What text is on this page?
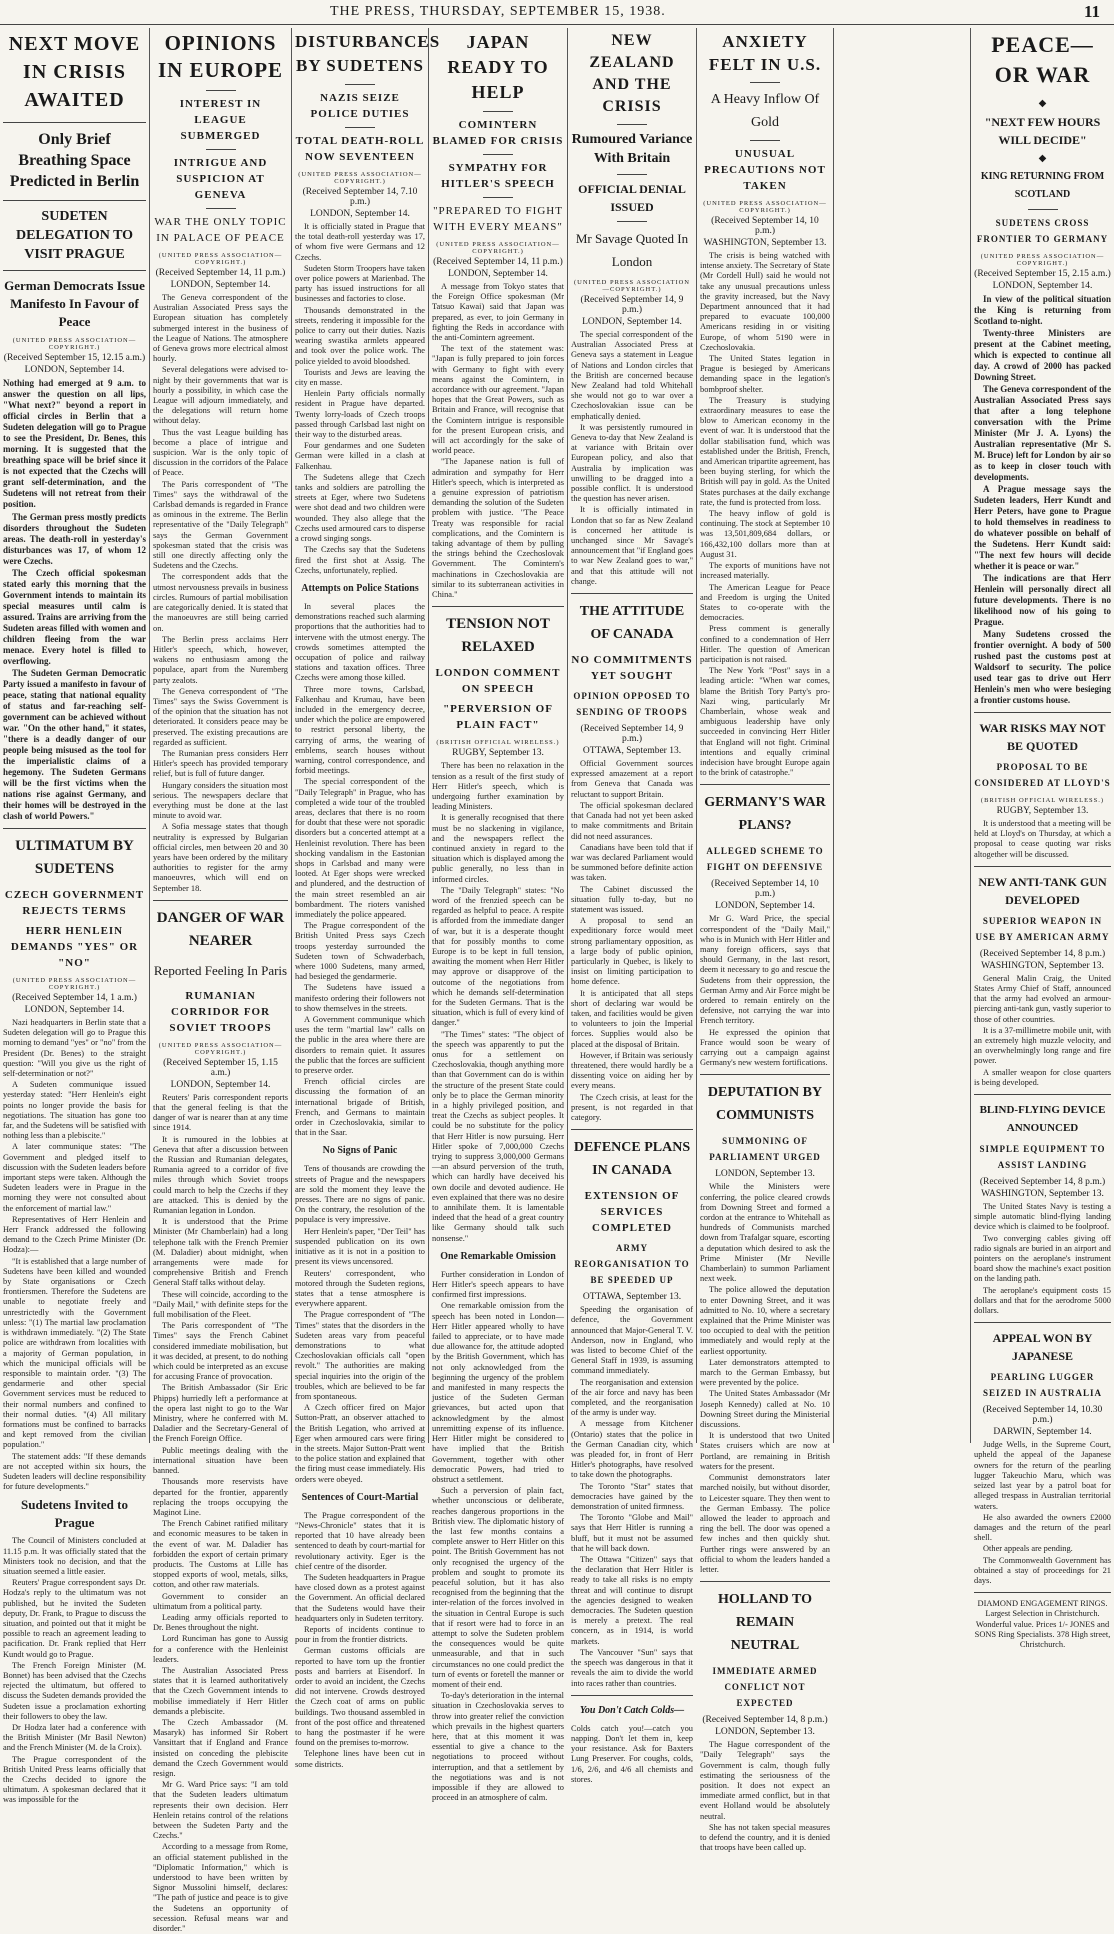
THE PRESS, THURSDAY, SEPTEMBER 15, 1938.	11
NEXT MOVE IN CRISIS AWAITED
Only Brief Breathing Space Predicted in Berlin
SUDETEN DELEGATION TO VISIT PRAGUE
German Democrats Issue Manifesto In Favour of Peace
(UNITED PRESS ASSOCIATION—COPYRIGHT.)
(Received September 15, 12.15 a.m.)
LONDON, September 14.
Nothing had emerged at 9 a.m. to answer the question on all lips, "What next?" beyond a report in official circles in Berlin that a Sudeten delegation will go to Prague to see the President, Dr. Benes, this morning. It is suggested that the breathing space will be brief since it is not expected that the Czechs will grant self-determination, and the Sudetens will not retreat from their position.

The German press mostly predicts disorders throughout the Sudeten areas. The death-roll in yesterday's disturbances was 17, of whom 12 were Czechs.

The Czech official spokesman stated early this morning that the Government intends to maintain its special measures until calm is assured. Trains are arriving from the Sudeten areas filled with women and children fleeing from the war menace. Every hotel is filled to overflowing.

The Sudeten German Democratic Party issued a manifesto in favour of peace, stating that national equality of status and far-reaching self-government can be achieved without war. "On the other hand," it states, "there is a deadly danger of our people being misused as the tool for the imperialistic claims of a hegemony. The Sudeten Germans will be the first victims when the nations rise against Germany, and their homes will be destroyed in the clash of world Powers."

ULTIMATUM BY SUDETENS
CZECH GOVERNMENT REJECTS TERMS
HERR HENLEIN DEMANDS "YES" OR "NO"
(UNITED PRESS ASSOCIATION—COPYRIGHT.)
(Received September 14, 1 a.m.)
LONDON, September 14.

Nazi headquarters in Berlin state that a Sudeten delegation will go to Prague this morning to demand "yes" or "no" from the President (Dr. Benes) to the straight question: "Will you give us the right of self-determination or not?"

A Sudeten communique issued yesterday stated: "Herr Henlein's eight points no longer provide the basis for negotiations. The situation has gone too far, and the Sudetens will be satisfied with nothing less than a plebiscite."

A later communique states: "The Government and pledged itself to discussion with the Sudeten leaders before important steps were taken. Although the Sudeten leaders were in Prague in the morning they were not consulted about the enforcement of martial law."

Representatives of Herr Henlein and Herr Franck addressed the following demand to the Czech Prime Minister (Dr. Hodza):—

"It is established that a large number of Sudetens have been killed and wounded by State organisations or Czech frontiersmen. Therefore the Sudetens are unable to negotiate freely and unrestrictedly with the Government unless: "(1) The martial law proclamation is withdrawn immediately. "(2) The State police are withdrawn from localities with a majority of German population, in which the municipal officials will be responsible to maintain order. "(3) The gendarmerie and other special Government services must be reduced to their normal numbers and confined to their normal duties. "(4) All military formations must be confined to barracks and kept removed from the civilian population."

The statement adds: "If these demands are not accepted within six hours, the Sudeten leaders will decline responsibility for future developments."

Sudetens Invited to Prague

The Council of Ministers concluded at 11.15 p.m. It was officially stated that the Ministers took no decision, and that the situation seemed a little easier.

Reuters' Prague correspondent says Dr. Hodza's reply to the ultimatum was not published, but he invited the Sudeten deputy, Dr. Frank, to Prague to discuss the situation, and pointed out that it might be possible to reach an agreement leading to pacification. Dr. Frank replied that Herr Kundt would go to Prague.

The French Foreign Minister (M. Bonnet) has been advised that the Czechs rejected the ultimatum, but offered to discuss the Sudeten demands provided the Sudeten issue a proclamation exhorting their followers to obey the law.

Dr Hodza later had a conference with the British Minister (Mr Basil Newton) and the French Minister (M. de la Croix).

The Prague correspondent of the British United Press learns officially that the Czechs decided to ignore the ultimatum. A spokesman declared that it was impossible for the

OPINIONS IN EUROPE
INTEREST IN LEAGUE SUBMERGED
INTRIGUE AND SUSPICION AT GENEVA
WAR THE ONLY TOPIC IN PALACE OF PEACE
(UNITED PRESS ASSOCIATION—COPYRIGHT.)
(Received September 14, 11 p.m.)
LONDON, September 14.

The Geneva correspondent of the Australian Associated Press says the European situation has completely submerged interest in the business of the League of Nations. The atmosphere of Geneva grows more electrical almost hourly.

Several delegations were advised to-night by their governments that war is hourly a possibility, in which case the League will adjourn immediately, and the delegations will return home without delay.

Thus the vast League building has become a place of intrigue and suspicion. War is the only topic of discussion in the corridors of the Palace of Peace.

The Paris correspondent of "The Times" says the withdrawal of the Carlsbad demands is regarded in France as ominous in the extreme. The Berlin representative of the "Daily Telegraph" says the German Government spokesman stated that the crisis was still one directly affecting only the Sudetens and the Czechs.

The correspondent adds that the utmost nervousness prevails in business circles. Rumours of partial mobilisation are categorically denied. It is stated that the manoeuvres are still being carried on.

The Berlin press acclaims Herr Hitler's speech, which, however, wakens no enthusiasm among the populace, apart from the Nuremberg party zealots.

The Geneva correspondent of "The Times" says the Swiss Government is of the opinion that the situation has not deteriorated. It considers peace may be preserved. The existing precautions are regarded as sufficient.

The Rumanian press considers Herr Hitler's speech has provided temporary relief, but is full of future danger.

Hungary considers the situation most serious. The newspapers declare that everything must be done at the last minute to avoid war.

A Sofia message states that though neutrality is expressed by Bulgarian official circles, men between 20 and 30 years have been ordered by the military authorities to register for the army manoeuvres, which will end on September 18.

DANGER OF WAR NEARER
Reported Feeling In Paris
RUMANIAN CORRIDOR FOR SOVIET TROOPS
(UNITED PRESS ASSOCIATION—COPYRIGHT.)
(Received September 15, 1.15 a.m.)
LONDON, September 14.

Reuters' Paris correspondent reports that the general feeling is that the danger of war is nearer than at any time since 1914.

It is rumoured in the lobbies at Geneva that after a discussion between the Russian and Rumanian delegates, Rumania agreed to a corridor of five miles through which Soviet troops could march to help the Czechs if they are attacked. This is denied by the Rumanian legation in London.

It is understood that the Prime Minister (Mr Chamberlain) had a long telephone talk with the French Premier (M. Daladier) about midnight, when arrangements were made for comprehensive British and French General Staff talks without delay.

These will coincide, according to the "Daily Mail," with definite steps for the full mobilisation of the Fleet.

The Paris correspondent of "The Times" says the French Cabinet considered immediate mobilisation, but it was decided, at present, to do nothing which could be interpreted as an excuse for accusing France of provocation.

The British Ambassador (Sir Eric Phipps) hurriedly left a performance at the opera last night to go to the War Ministry, where he conferred with M. Daladier and the Secretary-General of the French Foreign Office.

Public meetings dealing with the international situation have been banned.

Thousands more reservists have departed for the frontier, apparently replacing the troops occupying the Maginot Line.

The French Cabinet ratified military and economic measures to be taken in the event of war. M. Daladier has forbidden the export of certain primary products. The Customs at Lille has stopped exports of wool, metals, silks, cotton, and other raw materials.

Government to consider an ultimatum from a political party.

Leading army officials reported to Dr. Benes throughout the night.

Lord Runciman has gone to Aussig for a conference with the Henleinist leaders.

The Australian Associated Press states that it is learned authoritatively that the Czech Government intends to mobilise immediately if Herr Hitler demands a plebiscite.

The Czech Ambassador (M. Masaryk) has informed Sir Robert Vansittart that if England and France insisted on conceding the plebiscite demand the Czech Government would resign.

Mr G. Ward Price says: "I am told that the Sudeten leaders ultimatum represents their own decision. Herr Henlein retains control of the relations between the Sudeten Party and the Czechs."

According to a message from Rome, an official statement published in the "Diplomatic Information," which is understood to have been written by Signor Mussolini himself, declares: "The path of justice and peace is to give the Sudetens an opportunity of secession. Refusal means war and disorder."

DISTURBANCES BY SUDETENS
NAZIS SEIZE POLICE DUTIES
TOTAL DEATH-ROLL NOW SEVENTEEN
(UNITED PRESS ASSOCIATION—COPYRIGHT.)
(Received September 14, 7.10 p.m.)
LONDON, September 14.

It is officially stated in Prague that the total death-roll yesterday was 17, of whom five were Germans and 12 Czechs.

Sudeten Storm Troopers have taken over police powers at Marienbad. The party has issued instructions for all businesses and factories to close.

Thousands demonstrated in the streets, rendering it impossible for the police to carry out their duties. Nazis wearing swastika armlets appeared and took over the police work. The police yielded to avoid bloodshed.

Tourists and Jews are leaving the city en masse.

Henlein Party officials normally resident in Prague have departed. Twenty lorry-loads of Czech troops passed through Carlsbad last night on their way to the disturbed areas.

Four gendarmes and one Sudeten German were killed in a clash at Falkenhau.

The Sudetens allege that Czech tanks and soldiers are patrolling the streets at Eger, where two Sudetens were shot dead and two children were wounded. They also allege that the Czechs used armoured cars to disperse a crowd singing songs.

The Czechs say that the Sudetens fired the first shot at Assig. The Czechs, unfortunately, replied.

Attempts on Police Stations

In several places the demonstrations reached such alarming proportions that the authorities had to intervene with the utmost energy. The crowds sometimes attempted the occupation of police and railway stations and taxation offices. Three Czechs were among those killed.

Three more towns, Carlsbad, Falkenhau and Krumau, have been included in the emergency decree, under which the police are empowered to restrict personal liberty, the carrying of arms, the wearing of emblems, search houses without warning, control correspondence, and forbid meetings.

The special correspondent of the "Daily Telegraph" in Prague, who has completed a wide tour of the troubled areas, declares that there is no room for doubt that these were not sporadic disorders but a concerted attempt at a Henleinist revolution. There has been shocking vandalism in the Eastonian shops in Carlsbad and many were looted. At Eger shops were wrecked and plundered, and the destruction of the main street resembled an air bombardment. The rioters vanished immediately the police appeared.

The Prague correspondent of the British United Press says Czech troops yesterday surrounded the Sudeten town of Schwaderbach, where 1000 Sudetens, many armed, had besieged the gendarmerie.

The Sudetens have issued a manifesto ordering their followers not to show themselves in the streets.

A Government communique which uses the term "martial law" calls on the public in the area where there are disorders to remain quiet. It assures the public that the forces are sufficient to preserve order.

French official circles are discussing the formation of an international brigade of British, French, and Germans to maintain order in Czechoslovakia, similar to that in the Saar.

No Signs of Panic

Tens of thousands are crowding the streets of Prague and the newspapers are sold the moment they leave the presses. There are no signs of panic. On the contrary, the resolution of the populace is very impressive.

Herr Henlein's paper, "Der Teil" has suspended publication on its own initiative as it is not in a position to present its views uncensored.

Reuters' correspondent, who motored through the Sudeten regions, states that a tense atmosphere is everywhere apparent.

The Prague correspondent of "The Times" states that the disorders in the Sudeten areas vary from peaceful demonstrations to what Czechoslovakian officials call "open revolt." The authorities are making special inquiries into the origin of the troubles, which are believed to be far from spontaneous.

A Czech officer fired on Major Sutton-Pratt, an observer attached to the British Legation, who arrived at Eger when armoured cars were firing in the streets. Major Sutton-Pratt went to the police station and explained that the firing must cease immediately. His orders were obeyed.

Sentences of Court-Martial

The Prague correspondent of the "News-Chronicle" states that it is reported that 10 have already been sentenced to death by court-martial for revolutionary activity. Eger is the chief centre of the disorder.

The Sudeten headquarters in Prague have closed down as a protest against the Government. An official declared that the Sudetens would have their headquarters only in Sudeten territory.

Reports of incidents continue to pour in from the frontier districts.

German customs officials are reported to have torn up the frontier posts and barriers at Eisendorf. In order to avoid an incident, the Czechs did not intervene. Crowds destroyed the Czech coat of arms on public buildings. Two thousand assembled in front of the post office and threatened to hang the postmaster if he were found on the premises to-morrow.

Telephone lines have been cut in some districts.

JAPAN READY TO HELP
COMINTERN BLAMED FOR CRISIS
SYMPATHY FOR HITLER'S SPEECH
"PREPARED TO FIGHT WITH EVERY MEANS"
(UNITED PRESS ASSOCIATION—COPYRIGHT.)
(Received September 14, 11 p.m.)
LONDON, September 14.

A message from Tokyo states that the Foreign Office spokesman (Mr Tatsuo Kawai) said that Japan was prepared, as ever, to join Germany in fighting the Reds in accordance with the anti-Comintern agreement.

The text of the statement was: "Japan is fully prepared to join forces with Germany to fight with every means against the Comintern, in accordance with our agreement. "Japan hopes that the Great Powers, such as Britain and France, will recognise that the Comintern intrigue is responsible for the present European crisis, and will act accordingly for the sake of world peace.

"The Japanese nation is full of admiration and sympathy for Herr Hitler's speech, which is interpreted as a genuine expression of patriotism demanding the solution of the Sudeten problem with justice. "The Peace Treaty was responsible for racial complications, and the Comintern is taking advantage of them by pulling the strings behind the Czechoslovak Government. The Comintern's machinations in Czechoslovakia are similar to its subterranean activities in China."

TENSION NOT RELAXED
LONDON COMMENT ON SPEECH
"PERVERSION OF PLAIN FACT"
(BRITISH OFFICIAL WIRELESS.)
RUGBY, September 13.

There has been no relaxation in the tension as a result of the first study of Herr Hitler's speech, which is undergoing further examination by leading Ministers.

It is generally recognised that there must be no slackening in vigilance, and the newspapers reflect the continued anxiety in regard to the situation which is displayed among the public generally, no less than in informed circles.

The "Daily Telegraph" states: "No word of the frenzied speech can be regarded as helpful to peace. A respite is afforded from the immediate danger of war, but it is a desperate thought that for possibly months to come Europe is to be kept in full tension, awaiting the moment when Herr Hitler may approve or disapprove of the outcome of the negotiations from which he demands self-determination for the Sudeten Germans. That is the situation, which is full of every kind of danger."

"The Times" states: "The object of the speech was apparently to put the onus for a settlement on Czechoslovakia, though anything more than that Government can do is within the structure of the present State could only be to place the German minority in a highly privileged position, and treat the Czechs as subject peoples. It could be no substitute for the policy that Herr Hitler is now pursuing. Herr Hitler spoke of 7,000,000 Czechs trying to suppress 3,000,000 Germans—an absurd perversion of the truth, which can hardly have deceived his own docile and devoted audience. He even explained that there was no desire to annihilate them. It is lamentable indeed that the head of a great country like Germany should talk such nonsense."

One Remarkable Omission

Further consideration in London of Herr Hitler's speech appears to have confirmed first impressions.

One remarkable omission from the speech has been noted in London—Herr Hitler appeared wholly to have failed to appreciate, or to have made due allowance for, the attitude adopted by the British Government, which has not only acknowledged from the beginning the urgency of the problem and manifested in many respects the justice of the Sudeten German grievances, but acted upon that acknowledgment by the almost unremitting expense of its influence. Herr Hitler might be considered to have implied that the British Government, together with other democratic Powers, had tried to obstruct a settlement.

Such a perversion of plain fact, whether unconscious or deliberate, reaches dangerous proportions in the British view. The diplomatic history of the last few months contains a complete answer to Herr Hitler on this point. The British Government has not only recognised the urgency of the problem and sought to promote its peaceful solution, but it has also recognised from the beginning that the inter-relation of the forces involved in the situation in Central Europe is such that if resort were had to force in an attempt to solve the Sudeten problem the consequences would be quite unmeasurable, and that in such circumstances no one could predict the turn of events or foretell the manner or moment of their end.

To-day's deterioration in the internal situation in Czechoslovakia serves to throw into greater relief the conviction which prevails in the highest quarters here, that at this moment it was essential to give a chance to the negotiations to proceed without interruption, and that a settlement by the negotiations was and is not impossible if they are allowed to proceed in an atmosphere of calm.

NEW ZEALAND AND THE CRISIS
Rumoured Variance With Britain
OFFICIAL DENIAL ISSUED
Mr Savage Quoted In London
(UNITED PRESS ASSOCIATION—COPYRIGHT.)
(Received September 14, 9 p.m.)
LONDON, September 14.

The special correspondent of the Australian Associated Press at Geneva says a statement in League of Nations and London circles that the British are concerned because New Zealand had told Whitehall she would not go to war over a Czechoslovakian issue can be emphatically denied.

It was persistently rumoured in Geneva to-day that New Zealand is at variance with Britain over European policy, and also that Australia by implication was unwilling to be dragged into a possible conflict. It is understood the question has never arisen.

It is officially intimated in London that so far as New Zealand is concerned her attitude is unchanged since Mr Savage's announcement that "if England goes to war New Zealand goes to war," and that this attitude will not change.

THE ATTITUDE OF CANADA
NO COMMITMENTS YET SOUGHT
OPINION OPPOSED TO SENDING OF TROOPS
(Received September 14, 9 p.m.)
OTTAWA, September 13.

Official Government sources expressed amazement at a report from Geneva that Canada was reluctant to support Britain.

The official spokesman declared that Canada had not yet been asked to make commitments and Britain did not need assurances.

Canadians have been told that if war was declared Parliament would be summoned before definite action was taken.

The Cabinet discussed the situation fully to-day, but no statement was issued.

A proposal to send an expeditionary force would meet strong parliamentary opposition, as a large body of public opinion, particularly in Quebec, is likely to insist on limiting participation to home defence.

It is anticipated that all steps short of declaring war would be taken, and facilities would be given to volunteers to join the Imperial forces. Supplies would also be placed at the disposal of Britain.

However, if Britain was seriously threatened, there would hardly be a dissenting voice on aiding her by every means.

The Czech crisis, at least for the present, is not regarded in that category.

DEFENCE PLANS IN CANADA
EXTENSION OF SERVICES COMPLETED
ARMY REORGANISATION TO BE SPEEDED UP
OTTAWA, September 13.

Speeding the organisation of defence, the Government announced that Major-General T. V. Anderson, now in England, who was listed to become Chief of the General Staff in 1939, is assuming command immediately.

The reorganisation and extension of the air force and navy has been completed, and the reorganisation of the army is under way.

A message from Kitchener (Ontario) states that the police in the German Canadian city, which was pleaded for, in front of Herr Hitler's photographs, have resolved to take down the photographs.

The Toronto "Star" states that democracies have gained by the demonstration of united firmness.

The Toronto "Globe and Mail" says that Herr Hitler is running a bluff, but it must not be assumed that he will back down.

The Ottawa "Citizen" says that the declaration that Herr Hitler is ready to take all risks is no empty threat and will continue to disrupt the agencies designed to weaken democracies. The Sudeten question is merely a pretext. The real concern, as in 1914, is world markets.

The Vancouver "Sun" says that the speech was dangerous in that it reveals the aim to divide the world into races rather than countries.

You Don't Catch Colds—
Colds catch you!—catch you napping. Don't let them in, keep your resistance. Ask for Baxters Lung Preserver. For coughs, colds, 1/6, 2/6, and 4/6 all chemists and stores.
ANXIETY FELT IN U.S.
A Heavy Inflow Of Gold
UNUSUAL PRECAUTIONS NOT TAKEN
(UNITED PRESS ASSOCIATION—COPYRIGHT.)
(Received September 14, 10 p.m.)
WASHINGTON, September 13.

The crisis is being watched with intense anxiety. The Secretary of State (Mr Cordell Hull) said he would not take any unusual precautions unless the gravity increased, but the Navy Department announced that it had prepared to evacuate 100,000 Americans residing in or visiting Europe, of whom 5190 were in Czechoslovakia.

The United States legation in Prague is besieged by Americans demanding space in the legation's bombproof shelter.

The Treasury is studying extraordinary measures to ease the blow to American economy in the event of war. It is understood that the dollar stabilisation fund, which was established under the British, French, and American tripartite agreement, has been buying sterling, for which the British will pay in gold. As the United States purchases at the daily exchange rate, the fund is protected from loss.

The heavy inflow of gold is continuing. The stock at September 10 was 13,501,809,684 dollars, or 166,432,100 dollars more than at August 31.

The exports of munitions have not increased materially.

The American League for Peace and Freedom is urging the United States to co-operate with the democracies.

Press comment is generally confined to a condemnation of Herr Hitler. The question of American participation is not raised.

The New York "Post" says in a leading article: "When war comes, blame the British Tory Party's pro-Nazi wing, particularly Mr Chamberlain, whose weak and ambiguous leadership have only succeeded in convincing Herr Hitler that England will not fight. Criminal intentions and equally criminal indecision have brought Europe again to the brink of catastrophe."

GERMANY'S WAR PLANS?
ALLEGED SCHEME TO FIGHT ON DEFENSIVE
(Received September 14, 10 p.m.)
LONDON, September 14.

Mr G. Ward Price, the special correspondent of the "Daily Mail," who is in Munich with Herr Hitler and many foreign officers, says that should Germany, in the last resort, deem it necessary to go and rescue the Sudetens from their oppression, the German Army and Air Force might be ordered to remain entirely on the defensive, not carrying the war into French territory.

He expressed the opinion that France would soon be weary of carrying out a campaign against Germany's new western fortifications.

DEPUTATION BY COMMUNISTS
SUMMONING OF PARLIAMENT URGED
LONDON, September 13.

While the Ministers were conferring, the police cleared crowds from Downing Street and formed a cordon at the entrance to Whitehall as hundreds of Communists marched down from Trafalgar square, escorting a deputation which desired to ask the Prime Minister (Mr Neville Chamberlain) to summon Parliament next week.

The police allowed the deputation to enter Downing Street, and it was admitted to No. 10, where a secretary explained that the Prime Minister was too occupied to deal with the petition immediately and would reply at the earliest opportunity.

Later demonstrators attempted to march to the German Embassy, but were prevented by the police.

The United States Ambassador (Mr Joseph Kennedy) called at No. 10 Downing Street during the Ministerial discussions.

It is understood that two United States cruisers which are now at Portland, are remaining in British waters for the present.

Communist demonstrators later marched noisily, but without disorder, to Leicester square. They then went to the German Embassy. The police allowed the leader to approach and ring the bell. The door was opened a few inches and then quickly shut. Further rings were answered by an official to whom the leaders handed a letter.

HOLLAND TO REMAIN NEUTRAL
IMMEDIATE ARMED CONFLICT NOT EXPECTED
(Received September 14, 8 p.m.)
LONDON, September 13.

The Hague correspondent of the "Daily Telegraph" says the Government is calm, though fully estimating the seriousness of the position. It does not expect an immediate armed conflict, but in that event Holland would be absolutely neutral.

She has not taken special measures to defend the country, and it is denied that troops have been called up.

PEACE—OR WAR
◆
"NEXT FEW HOURS WILL DECIDE"
◆
KING RETURNING FROM SCOTLAND
SUDETENS CROSS FRONTIER TO GERMANY
(UNITED PRESS ASSOCIATION—COPYRIGHT.)
(Received September 15, 2.15 a.m.)
LONDON, September 14.

In view of the political situation the King is returning from Scotland to-night.

Twenty-three Ministers are present at the Cabinet meeting, which is expected to continue all day. A crowd of 2000 has packed Downing Street.

The Geneva correspondent of the Australian Associated Press says that after a long telephone conversation with the Prime Minister (Mr J. A. Lyons) the Australian representative (Mr S. M. Bruce) left for London by air so as to keep in closer touch with developments.

A Prague message says the Sudeten leaders, Herr Kundt and Herr Peters, have gone to Prague to hold themselves in readiness to do whatever possible on behalf of the Sudetens. Herr Kundt said: "The next few hours will decide whether it is peace or war."

The indications are that Herr Henlein will personally direct all future developments. There is no likelihood now of his going to Prague.

Many Sudetens crossed the frontier overnight. A body of 500 rushed past the customs post at Waldsorf to security. The police used tear gas to drive out Herr Henlein's men who were besieging a frontier customs house.

WAR RISKS MAY NOT BE QUOTED
PROPOSAL TO BE CONSIDERED AT LLOYD'S
(BRITISH OFFICIAL WIRELESS.)
RUGBY, September 13.

It is understood that a meeting will be held at Lloyd's on Thursday, at which a proposal to cease quoting war risks altogether will be discussed.

NEW ANTI-TANK GUN DEVELOPED
SUPERIOR WEAPON IN USE BY AMERICAN ARMY
(Received September 14, 8 p.m.)
WASHINGTON, September 13.

General Malin Craig, the United States Army Chief of Staff, announced that the army had evolved an armour-piercing anti-tank gun, vastly superior to those of other countries.

It is a 37-millimetre mobile unit, with an extremely high muzzle velocity, and an overwhelmingly long range and fire power.

A smaller weapon for close quarters is being developed.

BLIND-FLYING DEVICE ANNOUNCED
SIMPLE EQUIPMENT TO ASSIST LANDING
(Received September 14, 8 p.m.)
WASHINGTON, September 13.

The United States Navy is testing a simple automatic blind-flying landing device which is claimed to be foolproof.

Two converging cables giving off radio signals are buried in an airport and pointers on the aeroplane's instrument board show the machine's exact position on the landing path.

The aeroplane's equipment costs 15 dollars and that for the aerodrome 5000 dollars.

APPEAL WON BY JAPANESE
PEARLING LUGGER SEIZED IN AUSTRALIA
(Received September 14, 10.30 p.m.)
DARWIN, September 14.

Judge Wells, in the Supreme Court, upheld the appeal of the Japanese owners for the return of the pearling lugger Takeuchio Maru, which was seized last year by a patrol boat for alleged trespass in Australian territorial waters.

He also awarded the owners £2000 damages and the return of the pearl shell.

Other appeals are pending.

The Commonwealth Government has obtained a stay of proceedings for 21 days.

DIAMOND ENGAGEMENT RINGS. Largest Selection in Christchurch. Wonderful value. Prices 1/- JONES and SONS Ring Specialists. 378 High street, Christchurch.
